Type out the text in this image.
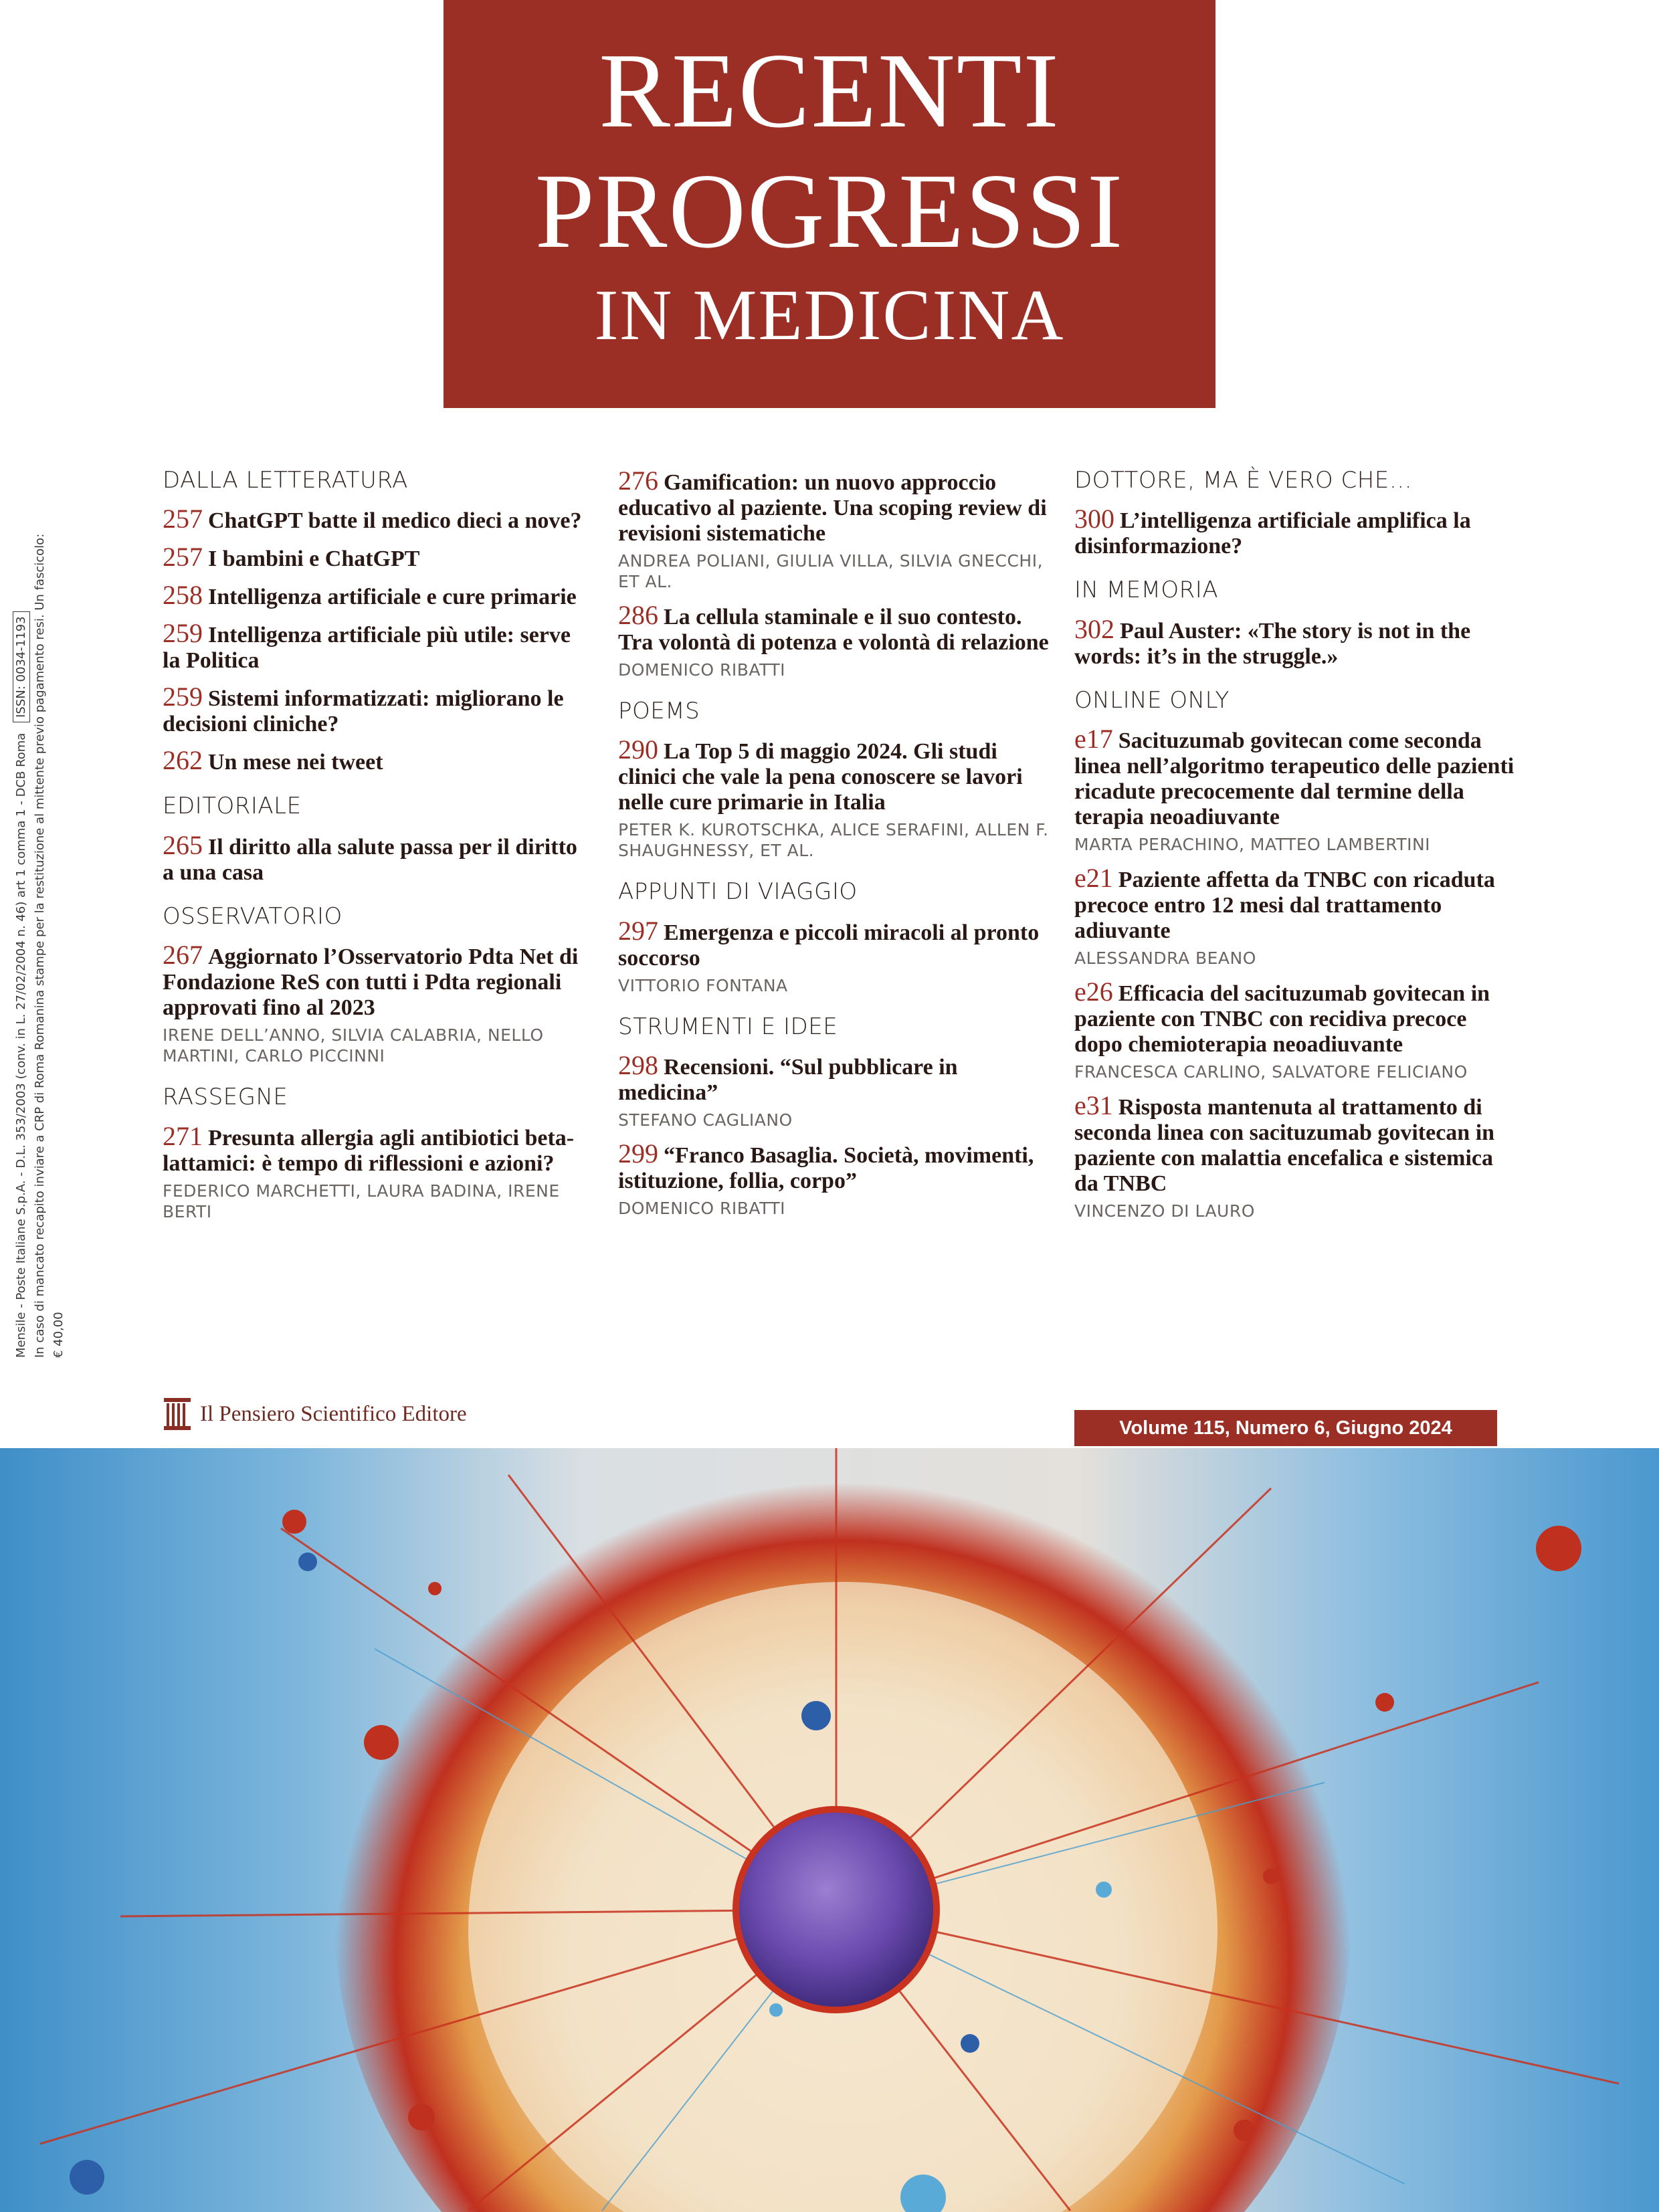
RECENTI
PROGRESSI
IN MEDICINA
DALLA LETTERATURA
257 ChatGPT batte il medico dieci a nove?
257 I bambini e ChatGPT
258 Intelligenza artificiale e cure primarie
259 Intelligenza artificiale più utile: serve la Politica
259 Sistemi informatizzati: migliorano le decisioni cliniche?
262 Un mese nei tweet
EDITORIALE
265 Il diritto alla salute passa per il diritto a una casa
OSSERVATORIO
267 Aggiornato l’Osservatorio Pdta Net di Fondazione ReS con tutti i Pdta regionali approvati fino al 2023
IRENE DELL’ANNO, SILVIA CALABRIA, NELLO MARTINI, CARLO PICCINNI
RASSEGNE
271 Presunta allergia agli antibiotici beta-lattamici: è tempo di riflessioni e azioni?
FEDERICO MARCHETTI, LAURA BADINA, IRENE BERTI
276 Gamification: un nuovo approccio educativo al paziente. Una scoping review di revisioni sistematiche
ANDREA POLIANI, GIULIA VILLA, SILVIA GNECCHI, ET AL.
286 La cellula staminale e il suo contesto. Tra volontà di potenza e volontà di relazione
DOMENICO RIBATTI
POEMS
290 La Top 5 di maggio 2024. Gli studi clinici che vale la pena conoscere se lavori nelle cure primarie in Italia
PETER K. KUROTSCHKA, ALICE SERAFINI, ALLEN F. SHAUGHNESSY, ET AL.
APPUNTI DI VIAGGIO
297 Emergenza e piccoli miracoli al pronto soccorso
VITTORIO FONTANA
STRUMENTI E IDEE
298 Recensioni. “Sul pubblicare in medicina”
STEFANO CAGLIANO
299 “Franco Basaglia. Società, movimenti, istituzione, follia, corpo”
DOMENICO RIBATTI
DOTTORE, MA È VERO CHE…
300 L’intelligenza artificiale amplifica la disinformazione?
IN MEMORIA
302 Paul Auster: «The story is not in the words: it’s in the struggle.»
ONLINE ONLY
e17 Sacituzumab govitecan come seconda linea nell’algoritmo terapeutico delle pazienti ricadute precocemente dal termine della terapia neoadiuvante
MARTA PERACHINO, MATTEO LAMBERTINI
e21 Paziente affetta da TNBC con ricaduta precoce entro 12 mesi dal trattamento adiuvante
ALESSANDRA BEANO
e26 Efficacia del sacituzumab govitecan in paziente con TNBC con recidiva precoce dopo chemioterapia neoadiuvante
FRANCESCA CARLINO, SALVATORE FELICIANO
e31 Risposta mantenuta al trattamento di seconda linea con sacituzumab govitecan in paziente con malattia encefalica e sistemica da TNBC
VINCENZO DI LAURO
Mensile - Poste Italiane S.p.A. - D.L. 353/2003 (conv. in L. 27/02/2004 n. 46) art 1 comma 1 - DCB Roma ISSN: 0034-1193 In caso di mancato recapito inviare a CRP di Roma Romanina stampe per la restituzione al mittente previo pagamento resi. Un fascicolo: € 40,00
Il Pensiero Scientifico Editore
Volume 115, Numero 6, Giugno 2024
